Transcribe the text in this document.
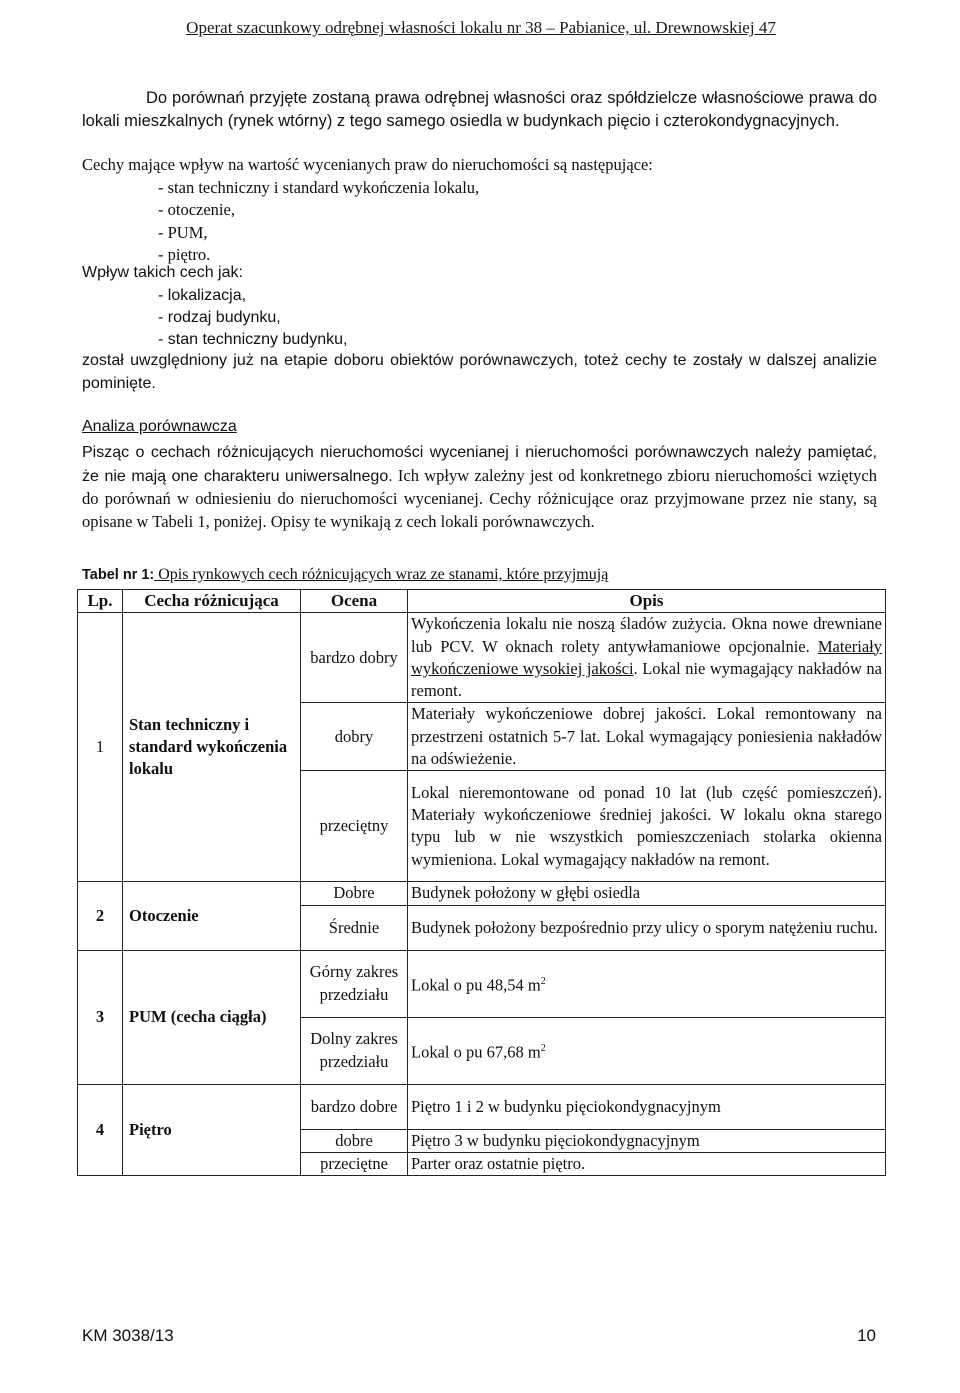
Operat szacunkowy odrębnej własności lokalu nr 38 – Pabianice, ul. Drewnowskiej 47
Do porównań przyjęte zostaną prawa odrębnej własności oraz spółdzielcze własnościowe prawa do lokali mieszkalnych (rynek wtórny) z tego samego osiedla w budynkach pięcio i czterokondygnacyjnych.
Cechy mające wpływ na wartość wycenianych praw do nieruchomości są następujące:
- stan techniczny i standard wykończenia lokalu,
- otoczenie,
- PUM,
- piętro.
Wpływ takich cech jak:
- lokalizacja,
- rodzaj budynku,
- stan techniczny budynku,
został uwzględniony już na etapie doboru obiektów porównawczych, toteż cechy te zostały w dalszej analizie pominięte.
Analiza porównawcza
Pisząc o cechach różnicujących nieruchomości wycenianej i nieruchomości porównawczych należy pamiętać, że nie mają one charakteru uniwersalnego. Ich wpływ zależny jest od konkretnego zbioru nieruchomości wziętych do porównań w odniesieniu do nieruchomości wycenianej. Cechy różnicujące oraz przyjmowane przez nie stany, są opisane w Tabeli 1, poniżej. Opisy te wynikają z cech lokali porównawczych.
Tabel nr 1: Opis rynkowych cech różnicujących wraz ze stanami, które przyjmują
Lp.	Cecha różnicująca	Ocena	Opis
1	Stan techniczny i standard wykończenia lokalu	bardzo dobry	Wykończenia lokalu nie noszą śladów zużycia. Okna nowe drewniane lub PCV. W oknach rolety antywłamaniowe opcjonalnie. Materiały wykończeniowe wysokiej jakości. Lokal nie wymagający nakładów na remont.
		dobry	Materiały wykończeniowe dobrej jakości. Lokal remontowany na przestrzeni ostatnich 5-7 lat. Lokal wymagający poniesienia nakładów na odświeżenie.
		przeciętny	Lokal nieremontowane od ponad 10 lat (lub część pomieszczeń). Materiały wykończeniowe średniej jakości. W lokalu okna starego typu lub w nie wszystkich pomieszczeniach stolarka okienna wymieniona. Lokal wymagający nakładów na remont.
2	Otoczenie	Dobre	Budynek położony w głębi osiedla
		Średnie	Budynek położony bezpośrednio przy ulicy o sporym natężeniu ruchu.
3	PUM (cecha ciągła)	Górny zakres przedziału	Lokal o pu 48,54 $m^2$
		Dolny zakres przedziału	Lokal o pu 67,68 $m^2$
4	Piętro	bardzo dobre	Piętro 1 i 2 w budynku pięciokondygnacyjnym
		dobre	Piętro 3 w budynku pięciokondygnacyjnym
		przeciętne	Parter oraz ostatnie piętro.
KM 3038/13	10
